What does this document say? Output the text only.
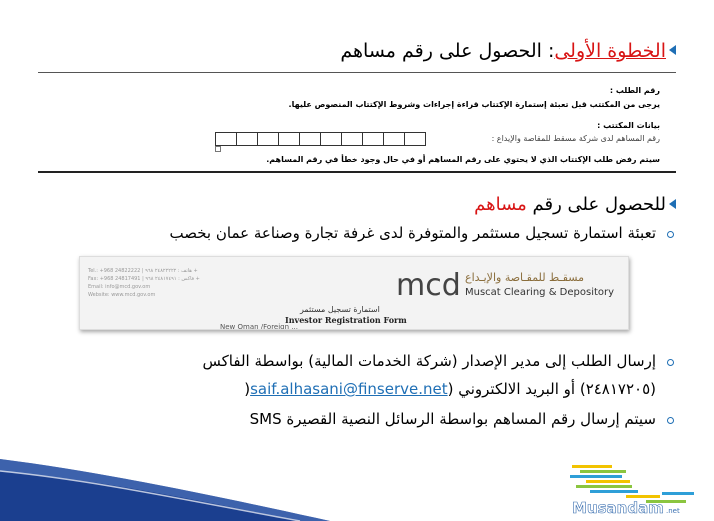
الخطوة الأولى: الحصول على رقم مساهم
رقم الطلب :
يرجى من المكتتب قبل تعبئة إستمارة الإكتتاب قراءة إجراءات وشروط الإكتتاب المنصوص عليها.
بيانات المكتتب :
رقم المساهم لدى شركة مسقط للمقاصة والإيداع :
سيتم رفض طلب الإكتتاب الذي لا يحتوي على رقم المساهم أو في حال وجود خطأ في رقم المساهم.
للحصول على رقم مساهم
تعبئة استمارة تسجيل مستثمر والمتوفرة لدى غرفة تجارة وصناعة عمان بخصب
Tel.: +968 24822222 | هاتف : ٢٤٨٢٢٢٢٢ ٩٦٨ +
Fax: +968 24817491 | فاكس : ٢٤٨١٧٤٩١ ٩٦٨ +
Email: info@mcd.gov.om
Website: www.mcd.gov.om	mcd مسقـط للمقـاصة والإيـداع
Muscat Clearing & Depository
استمارة تسجيل مستثمر
Investor Registration Form
New Oman /Foreign ...
إرسال الطلب إلى مدير الإصدار (شركة الخدمات المالية) بواسطة الفاكس
)saif.alhasani@finserve.net(٢٤٨١٧٢٠٥) أو البريد الالكتروني (
سيتم إرسال رقم المساهم بواسطة الرسائل النصية القصيرة SMS
Musandam .net
